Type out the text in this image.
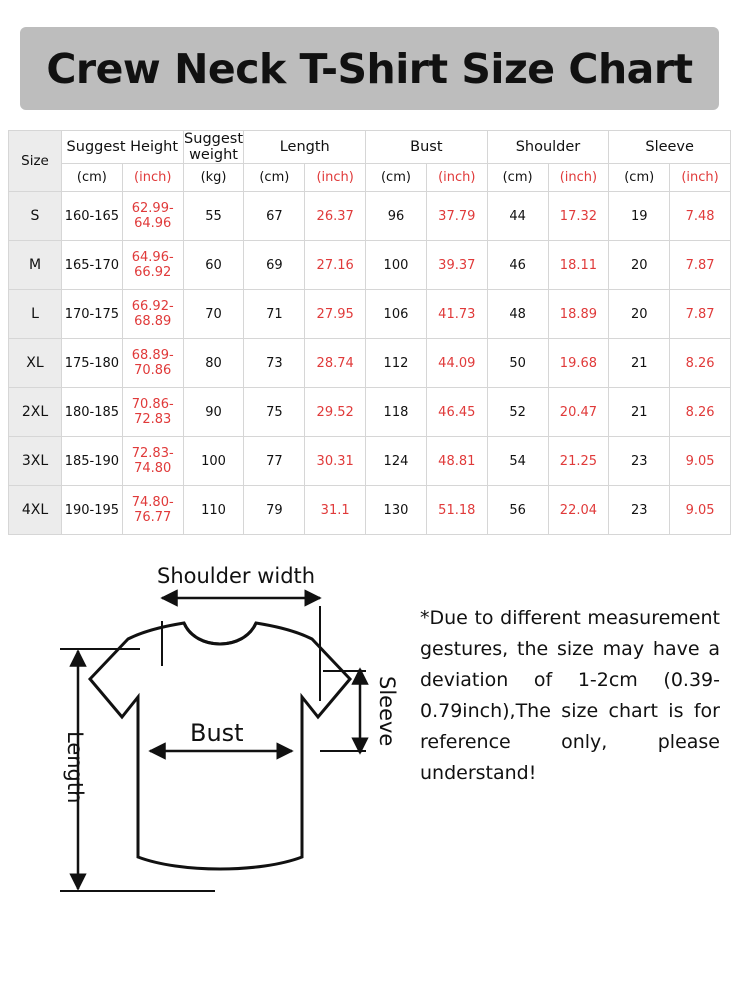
Crew Neck T-Shirt Size Chart
Size	Suggest Height		Suggest weight	Length		Bust		Shoulder		Sleeve	
	(cm)	(inch)	(kg)	(cm)	(inch)	(cm)	(inch)	(cm)	(inch)	(cm)	(inch)
S	160-165	62.99-64.96	55	67	26.37	96	37.79	44	17.32	19	7.48
M	165-170	64.96-66.92	60	69	27.16	100	39.37	46	18.11	20	7.87
L	170-175	66.92-68.89	70	71	27.95	106	41.73	48	18.89	20	7.87
XL	175-180	68.89-70.86	80	73	28.74	112	44.09	50	19.68	21	8.26
2XL	180-185	70.86-72.83	90	75	29.52	118	46.45	52	20.47	21	8.26
3XL	185-190	72.83-74.80	100	77	30.31	124	48.81	54	21.25	23	9.05
4XL	190-195	74.80-76.77	110	79	31.1	130	51.18	56	22.04	23	9.05
Shoulder width
Bust	Sleeve
Length
*Due to different measurement gestures, the size may have a deviation of 1-2cm (0.39-0.79inch),The size chart is for reference only, please understand!
